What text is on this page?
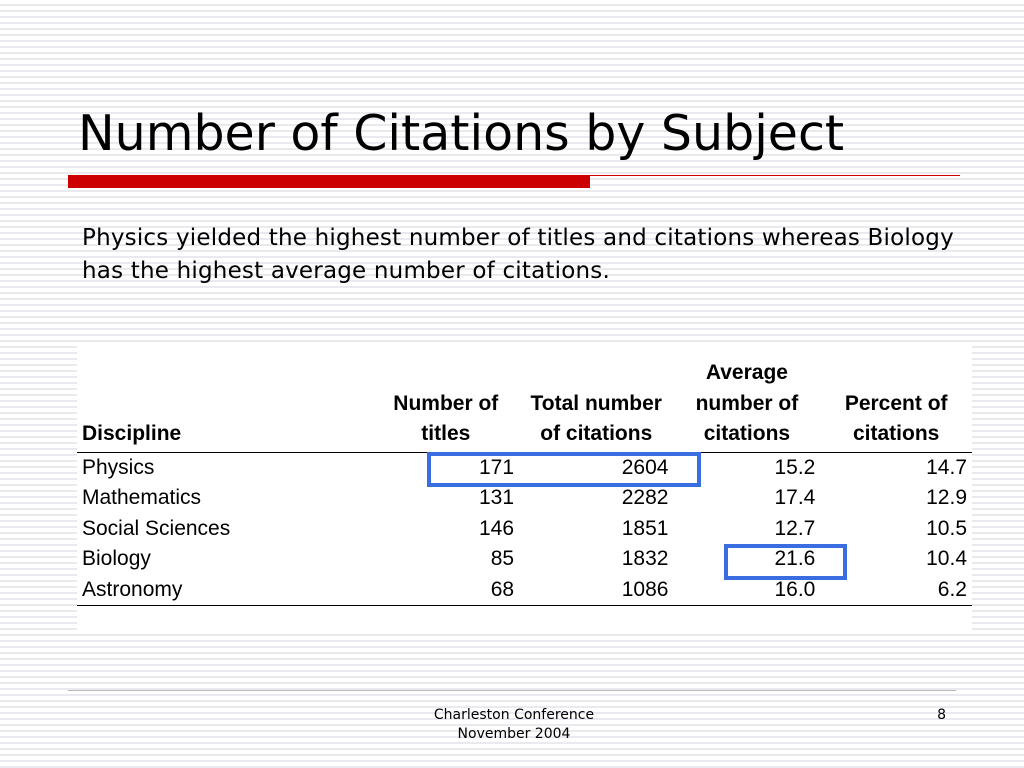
Number of Citations by Subject

Physics yielded the highest number of titles and citations whereas Biology has the highest average number of citations.

Discipline	Number of titles	Total number of citations	Average number of citations	Percent of citations
Physics	171	2604	15.2	14.7
Mathematics	131	2282	17.4	12.9
Social Sciences	146	1851	12.7	10.5
Biology	85	1832	21.6	10.4
Astronomy	68	1086	16.0	6.2
Charleston Conference
November 2004
8
